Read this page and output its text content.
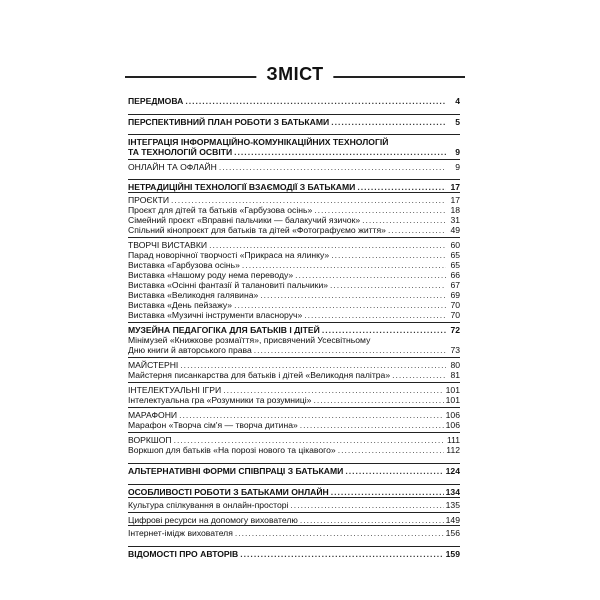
ЗМІСТ
ПЕРЕДМОВА .....	4
ПЕРСПЕКТИВНИЙ ПЛАН РОБОТИ З БАТЬКАМИ .....	5
ІНТЕГРАЦІЯ ІНФОРМАЦІЙНО-КОМУНІКАЦІЙНИХ ТЕХНОЛОГІЙ
ТА ТЕХНОЛОГІЙ ОСВІТИ .....	9
ОНЛАЙН ТА ОФЛАЙН .....	9
НЕТРАДИЦІЙНІ ТЕХНОЛОГІЇ ВЗАЄМОДІЇ З БАТЬКАМИ .....	17
ПРОЄКТИ .....	17
Проєкт для дітей та батьків «Гарбузова осінь» .....	18
Сімейний проєкт «Вправні пальчики — балакучий язичок» .....	31
Спільний кінопроєкт для батьків та дітей «Фотографуємо життя» .....	49
ТВОРЧІ ВИСТАВКИ .....	60
Парад новорічної творчості «Прикраса на ялинку» .....	65
Виставка «Гарбузова осінь» .....	65
Виставка «Нашому роду нема переводу» .....	66
Виставка «Осінні фантазії й талановиті пальчики» .....	67
Виставка «Великодня галявина» .....	69
Виставка «День пейзажу» .....	70
Виставка «Музичні інструменти власноруч» .....	70
МУЗЕЙНА ПЕДАГОГІКА ДЛЯ БАТЬКІВ І ДІТЕЙ .....	72
Мінімузей «Книжкове розмаїття», присвячений Усесвітньому
Дню книги й авторського права .....	73
МАЙСТЕРНІ .....	80
Майстерня писанкарства для батьків і дітей «Великодня палітра» .....	81
ІНТЕЛЕКТУАЛЬНІ ІГРИ .....	101
Інтелектуальна гра «Розумники та розумниці» .....	101
МАРАФОНИ .....	106
Марафон «Творча сім'я — творча дитина» .....	106
ВОРКШОП .....	111
Воркшоп для батьків «На порозі нового та цікавого» .....	112
АЛЬТЕРНАТИВНІ ФОРМИ СПІВПРАЦІ З БАТЬКАМИ .....	124
ОСОБЛИВОСТІ РОБОТИ З БАТЬКАМИ ОНЛАЙН .....	134
Культура спілкування в онлайн-просторі .....	135
Цифрові ресурси на допомогу вихователю .....	149
Інтернет-імідж вихователя .....	156
ВІДОМОСТІ ПРО АВТОРІВ .....	159
